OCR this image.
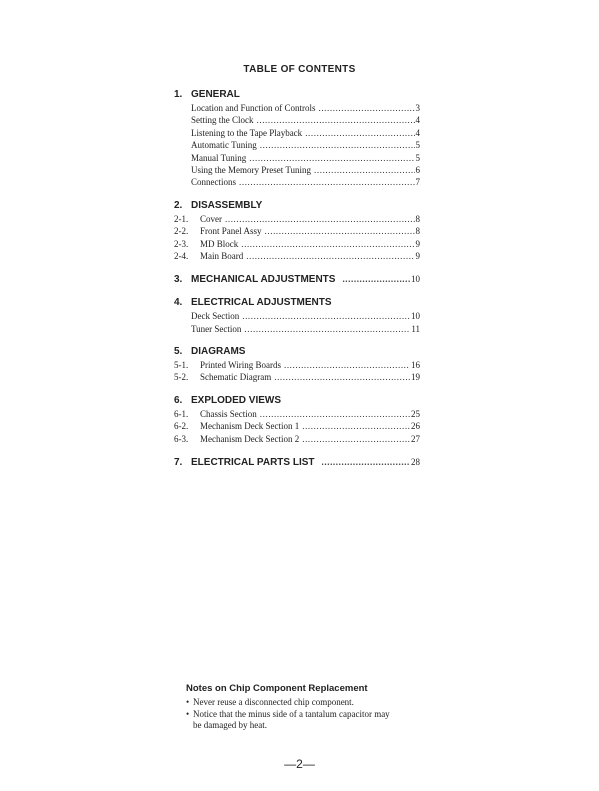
TABLE OF CONTENTS
1. GENERAL
Location and Function of Controls .....	3
Setting the Clock .....	4
Listening to the Tape Playback .....	4
Automatic Tuning .....	5
Manual Tuning .....	5
Using the Memory Preset Tuning .....	6
Connections .....	7
2. DISASSEMBLY
2-1.	Cover .....	8
2-2.	Front Panel Assy .....	8
2-3.	MD Block .....	9
2-4.	Main Board .....	9
3. MECHANICAL ADJUSTMENTS .....	10
4. ELECTRICAL ADJUSTMENTS
Deck Section .....	10
Tuner Section .....	11
5. DIAGRAMS
5-1.	Printed Wiring Boards .....	16
5-2.	Schematic Diagram .....	19
6. EXPLODED VIEWS
6-1.	Chassis Section .....	25
6-2.	Mechanism Deck Section 1 .....	26
6-3.	Mechanism Deck Section 2 .....	27
7. ELECTRICAL PARTS LIST .....	28
Notes on Chip Component Replacement
• Never reuse a disconnected chip component.
• Notice that the minus side of a tantalum capacitor may
be damaged by heat.
—2—
